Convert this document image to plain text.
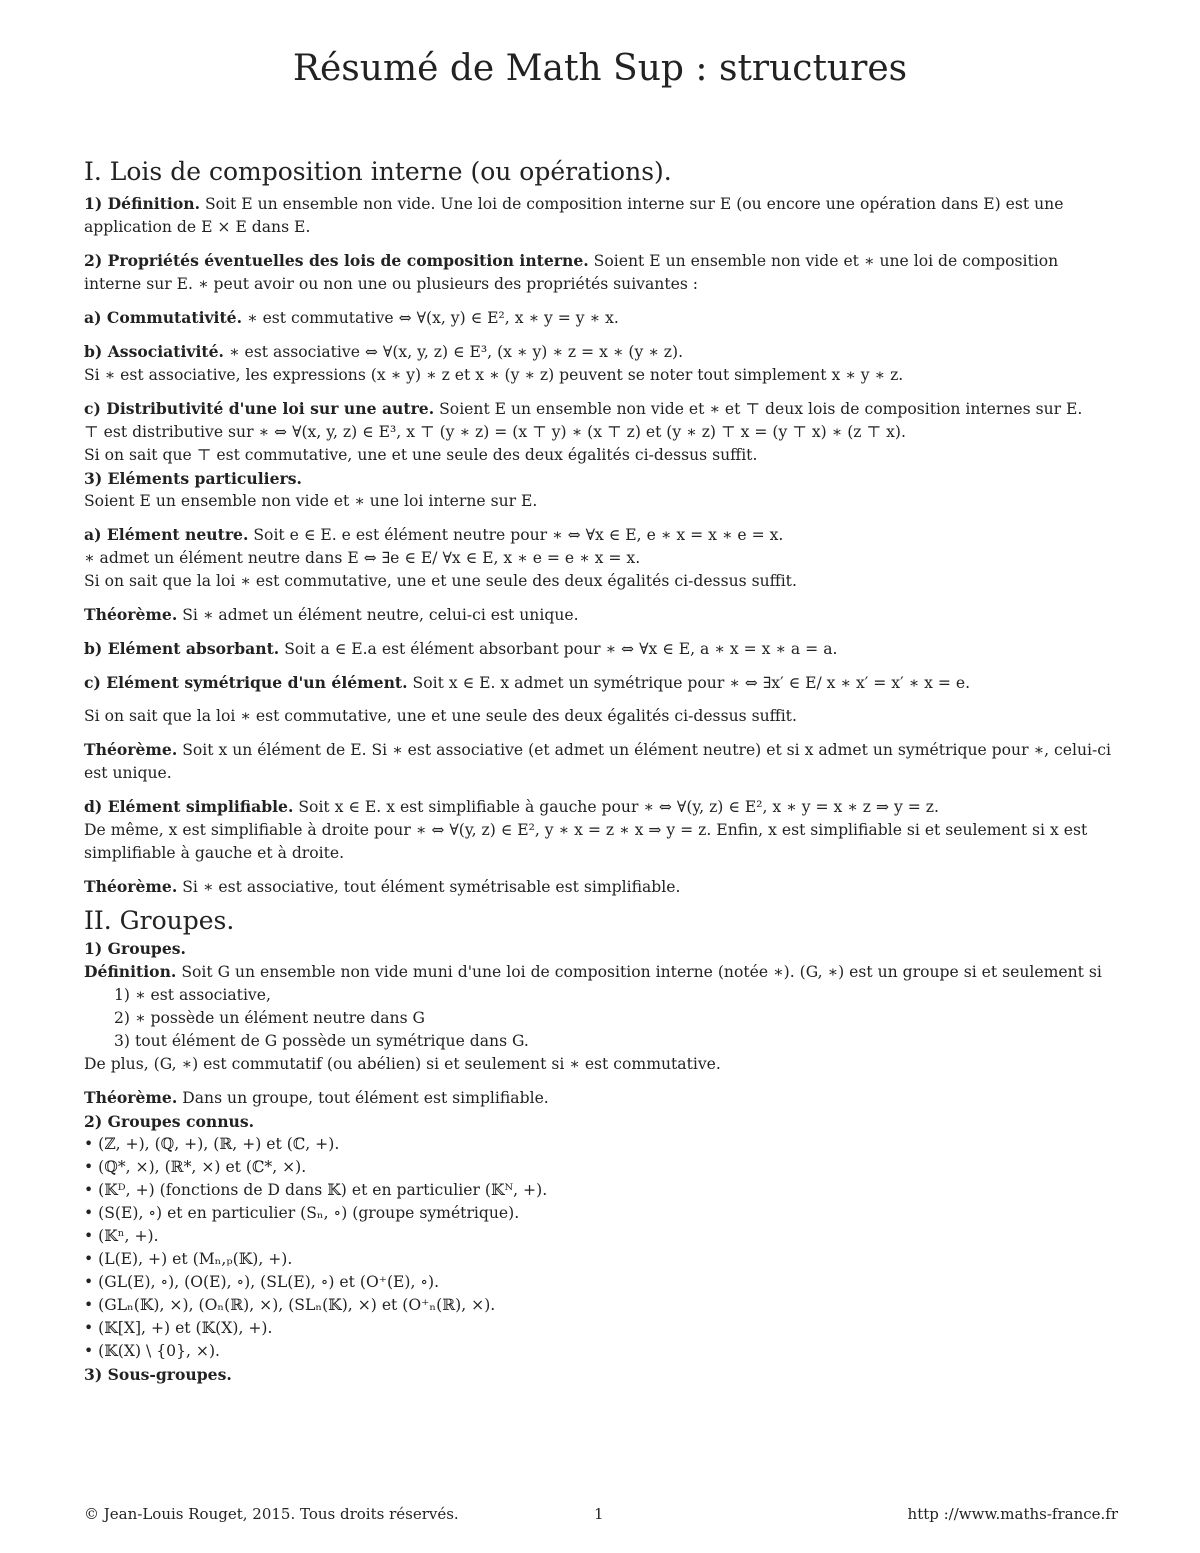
Résumé de Math Sup : structures
I. Lois de composition interne (ou opérations).

1) Définition. Soit E un ensemble non vide. Une loi de composition interne sur E (ou encore une opération dans E) est une application de E × E dans E.

2) Propriétés éventuelles des lois de composition interne. Soient E un ensemble non vide et ∗ une loi de composition interne sur E. ∗ peut avoir ou non une ou plusieurs des propriétés suivantes :

a) Commutativité. ∗ est commutative ⇔ ∀(x, y) ∈ E², x ∗ y = y ∗ x.

b) Associativité. ∗ est associative ⇔ ∀(x, y, z) ∈ E³, (x ∗ y) ∗ z = x ∗ (y ∗ z).

Si ∗ est associative, les expressions (x ∗ y) ∗ z et x ∗ (y ∗ z) peuvent se noter tout simplement x ∗ y ∗ z.

c) Distributivité d'une loi sur une autre. Soient E un ensemble non vide et ∗ et ⊤ deux lois de composition internes sur E.

⊤ est distributive sur ∗ ⇔ ∀(x, y, z) ∈ E³, x ⊤ (y ∗ z) = (x ⊤ y) ∗ (x ⊤ z) et (y ∗ z) ⊤ x = (y ⊤ x) ∗ (z ⊤ x).

Si on sait que ⊤ est commutative, une et une seule des deux égalités ci-dessus suffit.

3) Eléments particuliers.

Soient E un ensemble non vide et ∗ une loi interne sur E.

a) Elément neutre. Soit e ∈ E. e est élément neutre pour ∗ ⇔ ∀x ∈ E, e ∗ x = x ∗ e = x.

∗ admet un élément neutre dans E ⇔ ∃e ∈ E/ ∀x ∈ E, x ∗ e = e ∗ x = x.

Si on sait que la loi ∗ est commutative, une et une seule des deux égalités ci-dessus suffit.

Théorème. Si ∗ admet un élément neutre, celui-ci est unique.

b) Elément absorbant. Soit a ∈ E.a est élément absorbant pour ∗ ⇔ ∀x ∈ E, a ∗ x = x ∗ a = a.

c) Elément symétrique d'un élément. Soit x ∈ E. x admet un symétrique pour ∗ ⇔ ∃x′ ∈ E/ x ∗ x′ = x′ ∗ x = e.

Si on sait que la loi ∗ est commutative, une et une seule des deux égalités ci-dessus suffit.

Théorème. Soit x un élément de E. Si ∗ est associative (et admet un élément neutre) et si x admet un symétrique pour ∗, celui-ci est unique.

d) Elément simplifiable. Soit x ∈ E. x est simplifiable à gauche pour ∗ ⇔ ∀(y, z) ∈ E², x ∗ y = x ∗ z ⇒ y = z.

De même, x est simplifiable à droite pour ∗ ⇔ ∀(y, z) ∈ E², y ∗ x = z ∗ x ⇒ y = z. Enfin, x est simplifiable si et seulement si x est simplifiable à gauche et à droite.

Théorème. Si ∗ est associative, tout élément symétrisable est simplifiable.

II. Groupes.

1) Groupes.

Définition. Soit G un ensemble non vide muni d'une loi de composition interne (notée ∗). (G, ∗) est un groupe si et seulement si

1) ∗ est associative,
2) ∗ possède un élément neutre dans G
3) tout élément de G possède un symétrique dans G.

De plus, (G, ∗) est commutatif (ou abélien) si et seulement si ∗ est commutative.

Théorème. Dans un groupe, tout élément est simplifiable.

2) Groupes connus.

• (ℤ, +), (ℚ, +), (ℝ, +) et (ℂ, +).
• (ℚ*, ×), (ℝ*, ×) et (ℂ*, ×).
• (𝕂ᴰ, +) (fonctions de D dans 𝕂) et en particulier (𝕂ᴺ, +).
• (S(E), ∘) et en particulier (Sₙ, ∘) (groupe symétrique).
• (𝕂ⁿ, +).
• (L(E), +) et (Mₙ,ₚ(𝕂), +).
• (GL(E), ∘), (O(E), ∘), (SL(E), ∘) et (O⁺(E), ∘).
• (GLₙ(𝕂), ×), (Oₙ(ℝ), ×), (SLₙ(𝕂), ×) et (O⁺ₙ(ℝ), ×).
• (𝕂[X], +) et (𝕂(X), +).
• (𝕂(X) \ {0}, ×).

3) Sous-groupes.

© Jean-Louis Rouget, 2015. Tous droits réservés.	1	http ://www.maths-france.fr
